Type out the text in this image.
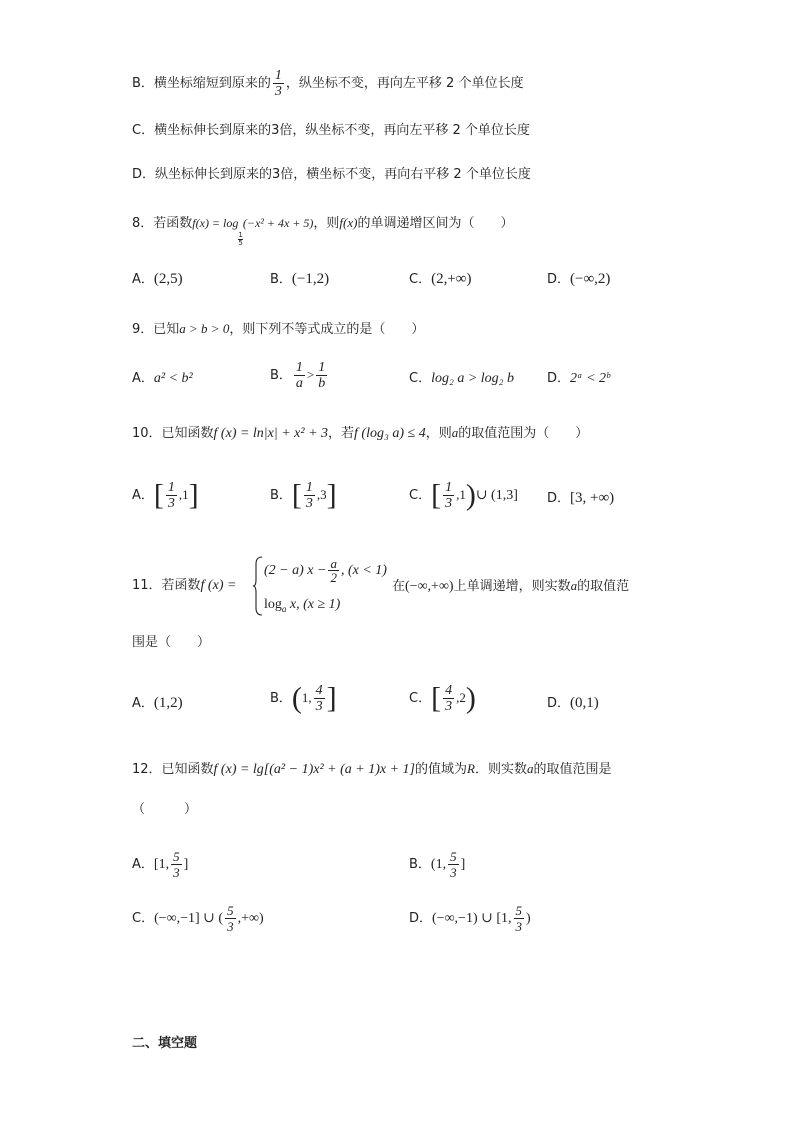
B．横坐标缩短到原来的 $\frac{1}{3}$ ，纵坐标不变，再向左平移 2 个单位长度
C．横坐标伸长到原来的3倍，纵坐标不变，再向左平移 2 个单位长度
D．纵坐标伸长到原来的3倍，横坐标不变，再向右平移 2 个单位长度
8．若函数f(x) = log
$\frac{1}{5}$
(−x² + 4x + 5)，则f(x)的单调递增区间为（　　）
A．(2,5)	B．(−1,2)	C．(2,+∞)	D．(−∞,2)
9．已知a > b > 0，则下列不等式成立的是（　　）
A．a² < b²	B． $\frac{1}{a} > \frac{1}{b}$	C．log₂ a > log₂ b	D．2ᵃ < 2ᵇ
10．已知函数f (x) = ln|x| + x² + 3，若f (log₃ a) ≤ 4，则a的取值范围为（　　）
A．[ $\frac{1}{3} ,1$]	B．[ $\frac{1}{3} ,3$]	C．[ $\frac{1}{3}$ ,1)∪ (1,3] D．[3, +∞)
11．若函数f (x) =
(2 − a) $x - \frac{a}{2}$ , (x < 1)
$\log_a x$, (x ≥ 1)
在(−∞,+∞)上单调递增，则实数a的取值范
围是（　　）
A．(1,2)	B．(1, $\frac{4}{3}$ ]	C．[ $\frac{4}{3} ,2$)	D．(0,1)
12．已知函数f (x) = lg[(a² − 1)x² + (a + 1)x + 1]的值域为R．则实数a的取值范围是
（　　　）
A．[1, $\frac{5}{3}$ ]	B．(1, $\frac{5}{3}$ ]
C．(−∞,−1] ∪ ( $\frac{5}{3}$ ,+∞)	D．(−∞,−1) ∪ [1, $\frac{5}{3}$ )
二、填空题
